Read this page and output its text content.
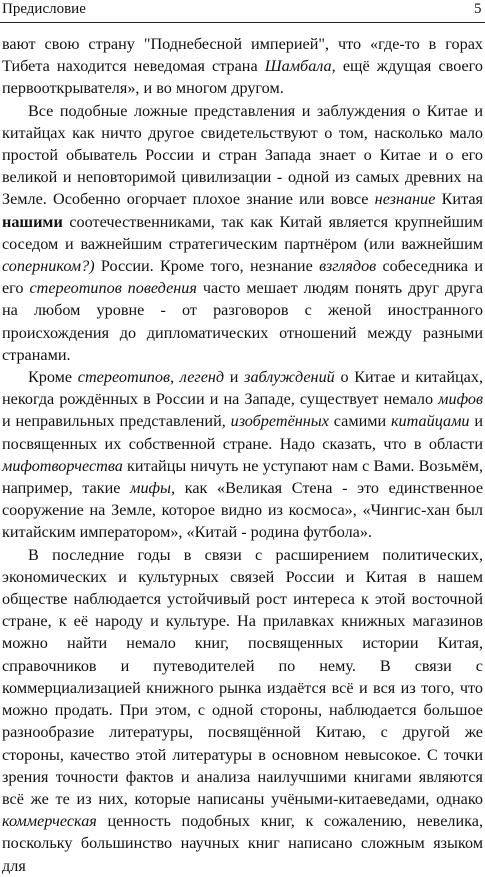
Предисловие	5

вают свою страну "Поднебесной империей", что «где-то в горах Тибета находится неведомая страна Шамбала, ещё ждущая своего первооткрывателя», и во многом другом.

Все подобные ложные представления и заблуждения о Китае и китайцах как ничто другое свидетельствуют о том, насколько мало простой обыватель России и стран Запада знает о Китае и о его великой и неповторимой цивилизации - одной из самых древних на Земле. Особенно огорчает плохое знание или вовсе незнание Китая нашими соотечественниками, так как Китай является крупнейшим соседом и важнейшим стратегическим партнёром (или важнейшим соперником?) России. Кроме того, незнание взглядов собеседника и его стереотипов поведения часто мешает людям понять друг друга на любом уровне - от разговоров с женой иностранного происхождения до дипломатических отношений между разными странами.

Кроме стереотипов, легенд и заблуждений о Китае и китайцах, некогда рождённых в России и на Западе, существует немало мифов и неправильных представлений, изобретённых самими китайцами и посвященных их собственной стране. Надо сказать, что в области мифотворчества китайцы ничуть не уступают нам с Вами. Возьмём, например, такие мифы, как «Великая Стена - это единственное сооружение на Земле, которое видно из космоса», «Чингис-хан был китайским императором», «Китай - родина футбола».

В последние годы в связи с расширением политических, экономических и культурных связей России и Китая в нашем обществе наблюдается устойчивый рост интереса к этой восточной стране, к её народу и культуре. На прилавках книжных магазинов можно найти немало книг, посвященных истории Китая, справочников и путеводителей по нему. В связи с коммерциализацией книжного рынка издаётся всё и вся из того, что можно продать. При этом, с одной стороны, наблюдается большое разнообразие литературы, посвящённой Китаю, с другой же стороны, качество этой литературы в основном невысокое. С точки зрения точности фактов и анализа наилучшими книгами являются всё же те из них, которые написаны учёными-китаеведами, однако коммерческая ценность подобных книг, к сожалению, невелика, поскольку большинство научных книг написано сложным языком для
